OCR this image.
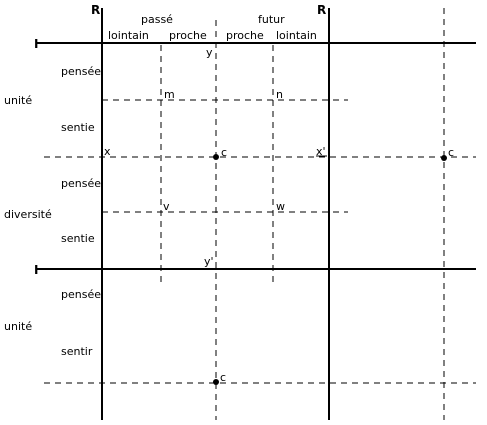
R	R
I
I
passé	futur
lointain proche proche lointain
y
y'
m	n
x	x'
c	c
c
v	w
pensée
unité
sentie
pensée
diversité
sentie
pensée
unité
sentir
